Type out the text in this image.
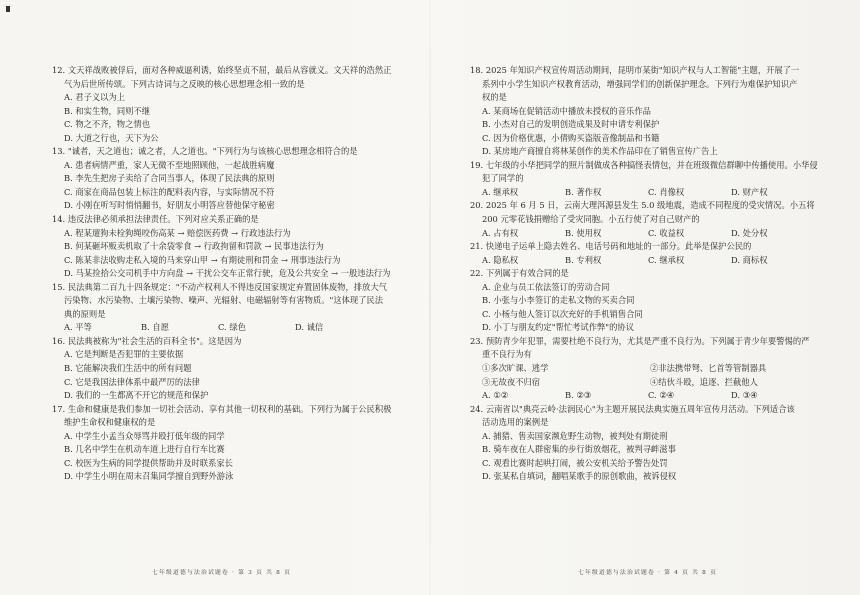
12. 文天祥战败被俘后，面对各种威逼利诱，始终坚贞不屈，最后从容就义。文天祥的浩然正
气为后世所传颂。下列古诗词与之反映的核心思想理念相一致的是
A. 君子义以为上
B. 和实生物，同则不继
C. 物之不齐，物之情也
D. 大道之行也，天下为公
13. "诚者，天之道也；诚之者，人之道也。"下列行为与该核心思想理念相符合的是
A. 患者病情严重，家人无微不至地照顾他，一起战胜病魔
B. 李先生把房子卖给了合同当事人，体现了民法典的原则
C. 商家在商品包装上标注的配料表内容，与实际情况不符
D. 小刚在听写时悄悄翻书，好朋友小明答应替他保守秘密
14. 违反法律必须承担法律责任。下列对应关系正确的是
A. 程某遛狗未栓狗绳咬伤高某 → 赔偿医药费 → 行政违法行为
B. 何某砸坏贩卖机取了十余袋零食 → 行政拘留和罚款 → 民事违法行为
C. 陈某非法收购走私入境的马来穿山甲 → 有期徒刑和罚金 → 刑事违法行为
D. 马某捡拾公交司机手中方向盘 → 干扰公交车正常行驶，危及公共安全 → 一般违法行为
15. 民法典第二百九十四条规定："不动产权利人不得违反国家规定弃置固体废物，排放大气
污染物、水污染物、土壤污染物、噪声、光辐射、电磁辐射等有害物质。"这体现了民法
典的原则是
A. 平等	B. 自愿	C. 绿色	D. 诚信
16. 民法典被称为"社会生活的百科全书"。这是因为
A. 它是判断是否犯罪的主要依据
B. 它能解决我们生活中的所有问题
C. 它是我国法律体系中最严厉的法律
D. 我们的一生都离不开它的规范和保护
17. 生命和健康是我们参加一切社会活动、享有其他一切权利的基础。下列行为属于公民积极
维护生命权和健康权的是
A. 中学生小孟当众辱骂并殴打低年级的同学
B. 几名中学生在机动车道上进行自行车比赛
C. 校医为生病的同学提供帮助并及时联系家长
D. 中学生小明在周末召集同学擅自到野外游泳
18. 2025 年知识产权宣传周活动期间，昆明市某街"知识产权与人工智能"主题，开展了一
系列中小学生知识产权教育活动，增强同学们的创新保护理念。下列行为难保护知识产
权的是
A. 某商场在促销活动中播放未授权的音乐作品
B. 小杰对自己的发明创造成果及时申请专利保护
C. 因为价格优惠，小倩购买盗版音像制品和书籍
D. 某房地产商擅自将林某创作的美术作品印在了销售宣传广告上
19. 七年级的小华把同学的照片制做成各种搞怪表情包，并在班级微信群聊中传播使用。小华侵
犯了同学的
A. 继承权	B. 著作权	C. 肖像权	D. 财产权
20. 2025 年 6 月 5 日，云南大理洱源县发生 5.0 级地震，造成不同程度的受灾情况。小五将
200 元零花钱捐赠给了受灾同胞。小五行使了对自己财产的
A. 占有权	B. 使用权	C. 收益权	D. 处分权
21. 快递电子运单上隐去姓名、电话号码和地址的一部分。此举是保护公民的
A. 隐私权	B. 专利权	C. 继承权	D. 商标权
22. 下列属于有效合同的是
A. 企业与员工依法签订的劳动合同
B. 小张与小李签订的走私文物的买卖合同
C. 小杨与他人签订以次充好的手机销售合同
D. 小丁与朋友约定"帮忙考试作弊"的协议
23. 预防青少年犯罪，需要杜绝不良行为，尤其是严重不良行为。下列属于青少年要警惕的严
重不良行为有
①多次旷课、逃学	②非法携带弩、匕首等管制器具
③无故夜不归宿	④结伙斗殴，追逐、拦截他人
A. ①②	B. ②③	C. ②④	D. ③④
24. 云南省以"典亮云岭·法润民心"为主题开展民法典实施五周年宣传月活动。下列适合该
活动选用的案例是
A. 捕猎、售卖国家濒危野生动物，被判处有期徒刑
B. 骑车夜在人群密集的步行街放烟花，被判寻衅滋事
C. 观看比赛时起哄打闹，被公安机关给予警告处罚
D. 张某私自填词，翻唱某歌手的原创歌曲，被诉侵权
七年级道德与法治试题卷 · 第 3 页 共 8 页	七年级道德与法治试题卷 · 第 4 页 共 8 页
